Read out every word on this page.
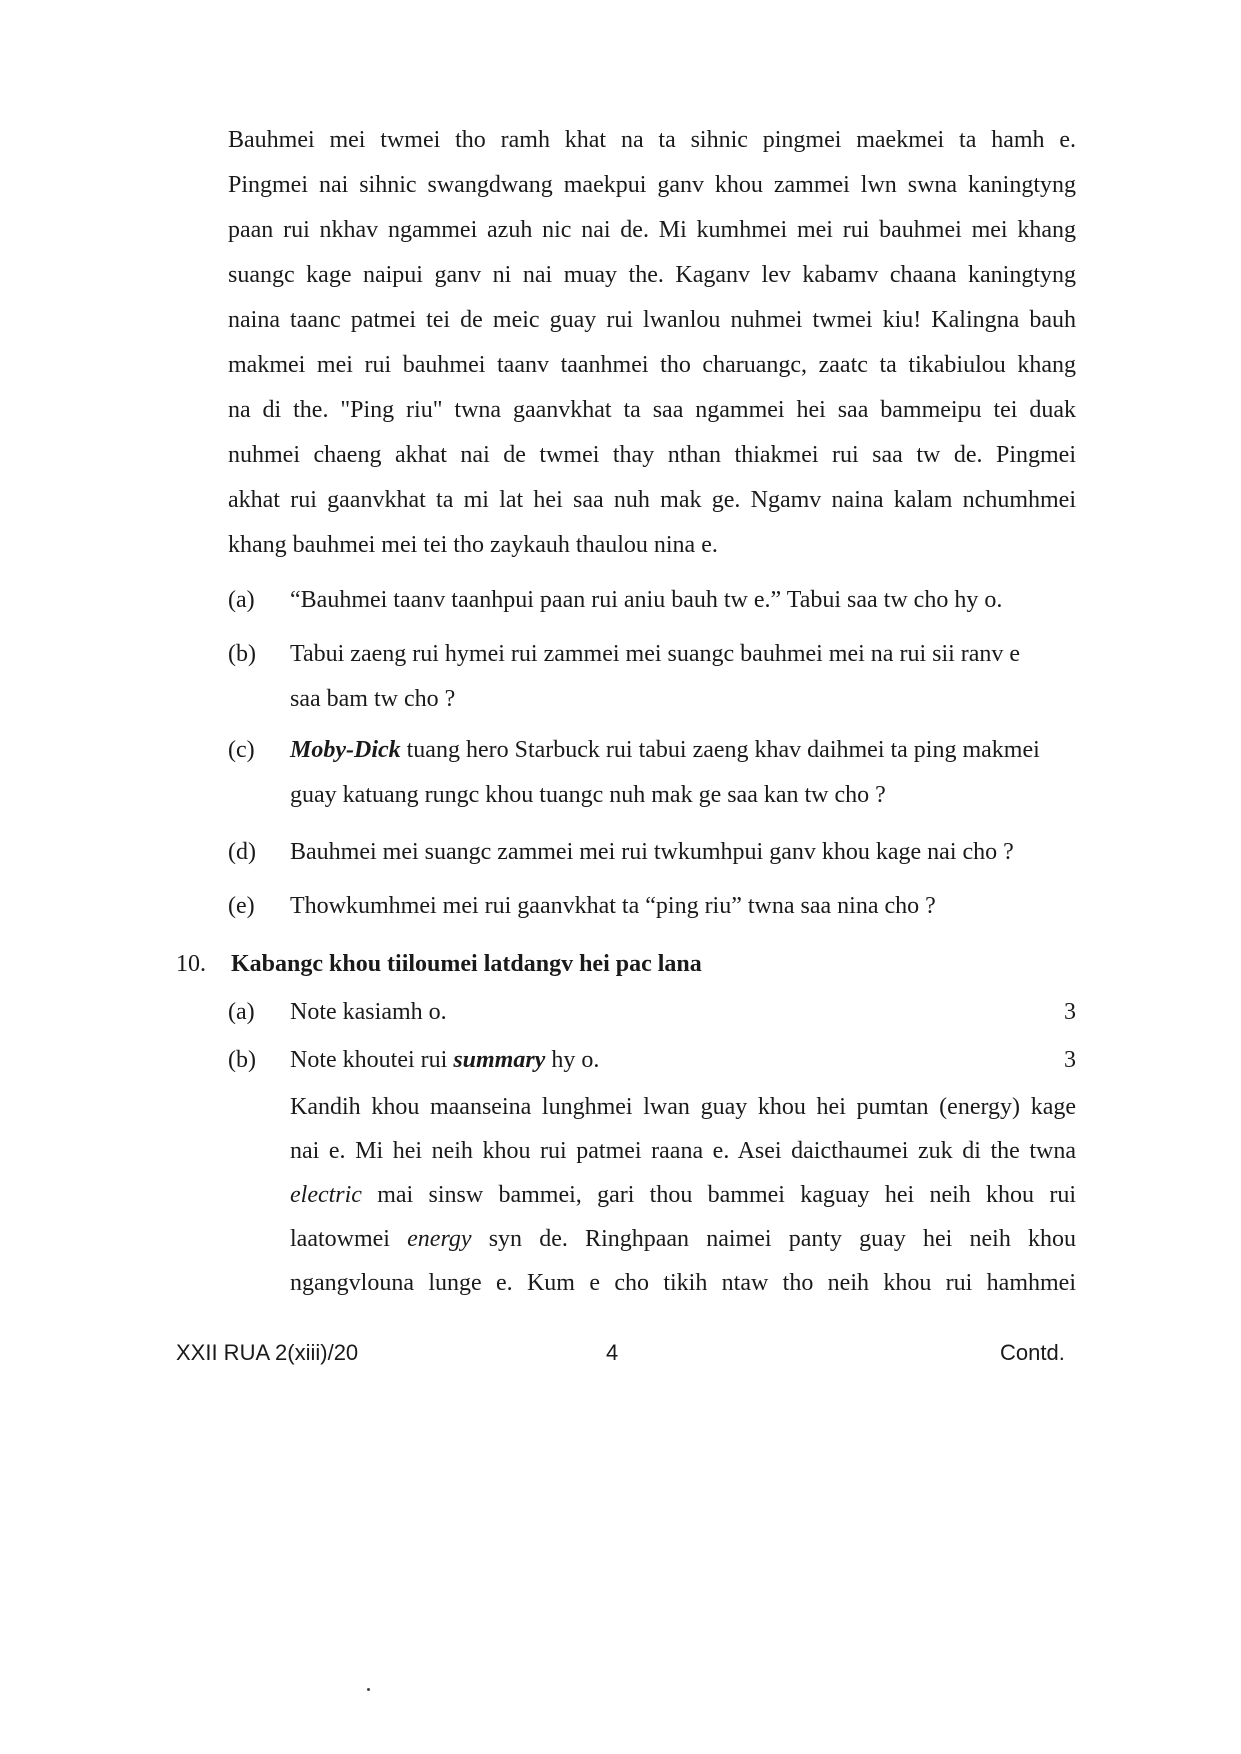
Bauhmei mei twmei tho ramh khat na ta sihnic pingmei maekmei ta hamh e.
Pingmei nai sihnic swangdwang maekpui ganv khou zammei lwn swna kaningtyng
paan rui nkhav ngammei azuh nic nai de. Mi kumhmei mei rui bauhmei mei khang
suangc kage naipui ganv ni nai muay the. Kaganv lev kabamv chaana kaningtyng
naina taanc patmei tei de meic guay rui lwanlou nuhmei twmei kiu! Kalingna bauh
makmei mei rui bauhmei taanv taanhmei tho charuangc, zaatc ta tikabiulou khang
na di the. "Ping riu" twna gaanvkhat ta saa ngammei hei saa bammeipu tei duak
nuhmei chaeng akhat nai de twmei thay nthan thiakmei rui saa tw de. Pingmei
akhat rui gaanvkhat ta mi lat hei saa nuh mak ge. Ngamv naina kalam nchumhmei
khang bauhmei mei tei tho zaykauh thaulou nina e.
(a) “Bauhmei taanv taanhpui paan rui aniu bauh tw e.” Tabui saa tw cho hy o.
(b) Tabui zaeng rui hymei rui zammei mei suangc bauhmei mei na rui sii ranv e
saa bam tw cho ?
(c) Moby-Dick tuang hero Starbuck rui tabui zaeng khav daihmei ta ping makmei
guay katuang rungc khou tuangc nuh mak ge saa kan tw cho ?
(d) Bauhmei mei suangc zammei mei rui twkumhpui ganv khou kage nai cho ?
(e) Thowkumhmei mei rui gaanvkhat ta “ping riu” twna saa nina cho ?
10. Kabangc khou tiiloumei latdangv hei pac lana
(a) Note kasiamh o.	3
(b) Note khoutei rui summary hy o.	3
Kandih khou maanseina lunghmei lwan guay khou hei pumtan (energy) kage
nai e. Mi hei neih khou rui patmei raana e. Asei daicthaumei zuk di the twna
electric mai sinsw bammei, gari thou bammei kaguay hei neih khou rui
laatowmei energy syn de. Ringhpaan naimei panty guay hei neih khou
ngangvlouna lunge e. Kum e cho tikih ntaw tho neih khou rui hamhmei
XXII RUA 2(xiii)/20	4	Contd.
